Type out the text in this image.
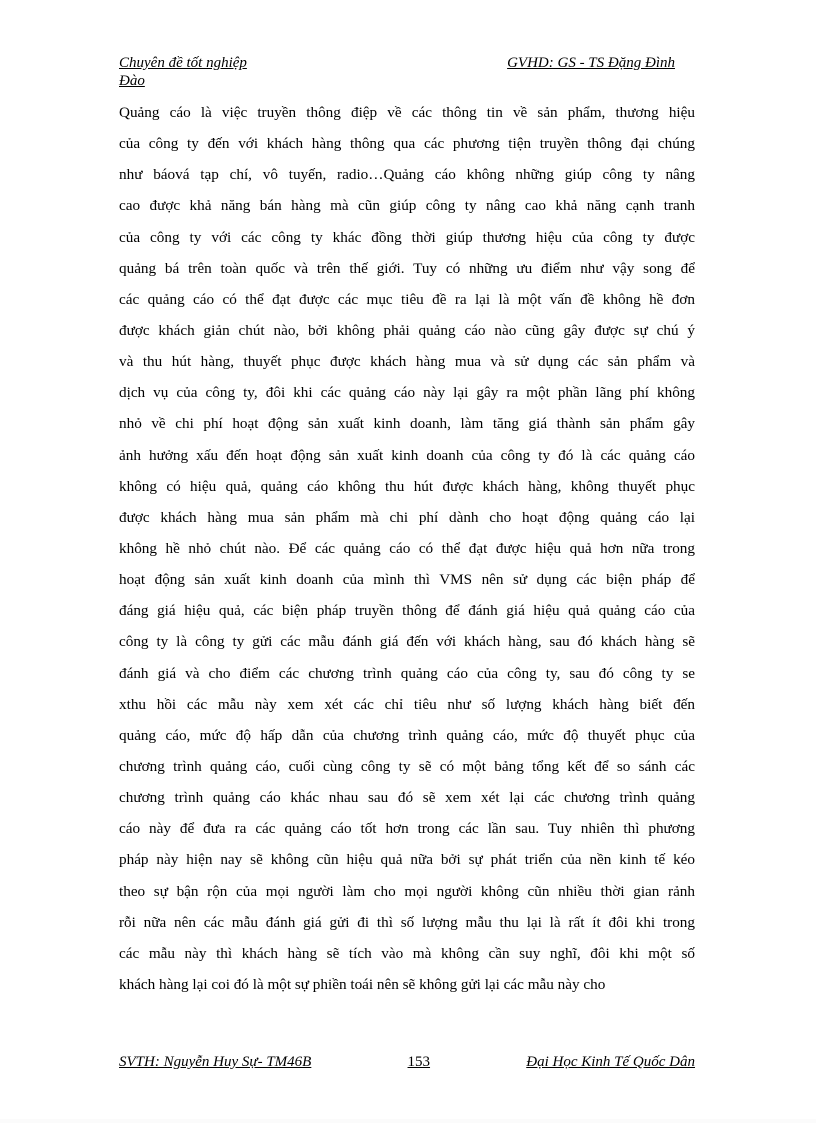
Chuyên đề tốt nghiệp	GVHD: GS - TS Đặng Đình
Đào
Quảng cáo là việc truyền thông điệp về các thông tin về sản phẩm, thương hiệu
của công ty đến với khách hàng thông qua các phương tiện truyền thông đại chúng
như báová tạp chí, vô tuyến, radio…Quảng cáo không những giúp công ty nâng
cao được khả năng bán hàng mà cũn giúp công ty nâng cao khả năng cạnh tranh
của công ty với các công ty khác đồng thời giúp thương hiệu của công ty được
quảng bá trên toàn quốc và trên thế giới. Tuy có những ưu điểm như vậy song để
các quảng cáo có thể đạt được các mục tiêu đề ra lại là một vấn đề không hề đơn
được khách giản chút nào, bởi không phải quảng cáo nào cũng gây được sự chú ý
và thu hút hàng, thuyết phục được khách hàng mua và sử dụng các sản phẩm và
dịch vụ của công ty, đôi khi các quảng cáo này lại gây ra một phần lãng phí không
nhỏ về chi phí hoạt động sản xuất kinh doanh, làm tăng giá thành sản phẩm gây
ảnh hưởng xấu đến hoạt động sản xuất kinh doanh của công ty đó là các quảng cáo
không có hiệu quả, quảng cáo không thu hút được khách hàng, không thuyết phục
được khách hàng mua sản phẩm mà chi phí dành cho hoạt động quảng cáo lại
không hề nhỏ chút nào. Để các quảng cáo có thể đạt được hiệu quả hơn nữa trong
hoạt động sản xuất kinh doanh của mình thì VMS nên sử dụng các biện pháp để
đáng giá hiệu quả, các biện pháp truyền thông để đánh giá hiệu quả quảng cáo của
công ty là công ty gửi các mẫu đánh giá đến với khách hàng, sau đó khách hàng sẽ
đánh giá và cho điểm các chương trình quảng cáo của công ty, sau đó công ty se
xthu hồi các mẫu này xem xét các chỉ tiêu như số lượng khách hàng biết đến
quảng cáo, mức độ hấp dẫn của chương trình quảng cáo, mức độ thuyết phục của
chương trình quảng cáo, cuối cùng công ty sẽ có một bảng tổng kết để so sánh các
chương trình quảng cáo khác nhau sau đó sẽ xem xét lại các chương trình quảng
cáo này để đưa ra các quảng cáo tốt hơn trong các lần sau. Tuy nhiên thì phương
pháp này hiện nay sẽ không cũn hiệu quả nữa bởi sự phát triển của nền kinh tế kéo
theo sự bận rộn của mọi người làm cho mọi người không cũn nhiều thời gian rảnh
rỗi nữa nên các mẫu đánh giá gửi đi thì số lượng mẫu thu lại là rất ít đôi khi trong
các mẫu này thì khách hàng sẽ tích vào mà không cần suy nghĩ, đôi khi một số
khách hàng lại coi đó là một sự phiền toái nên sẽ không gửi lại các mẫu này cho
SVTH: Nguyễn Huy Sự- TM46B	153	Đại Học Kinh Tế Quốc Dân
